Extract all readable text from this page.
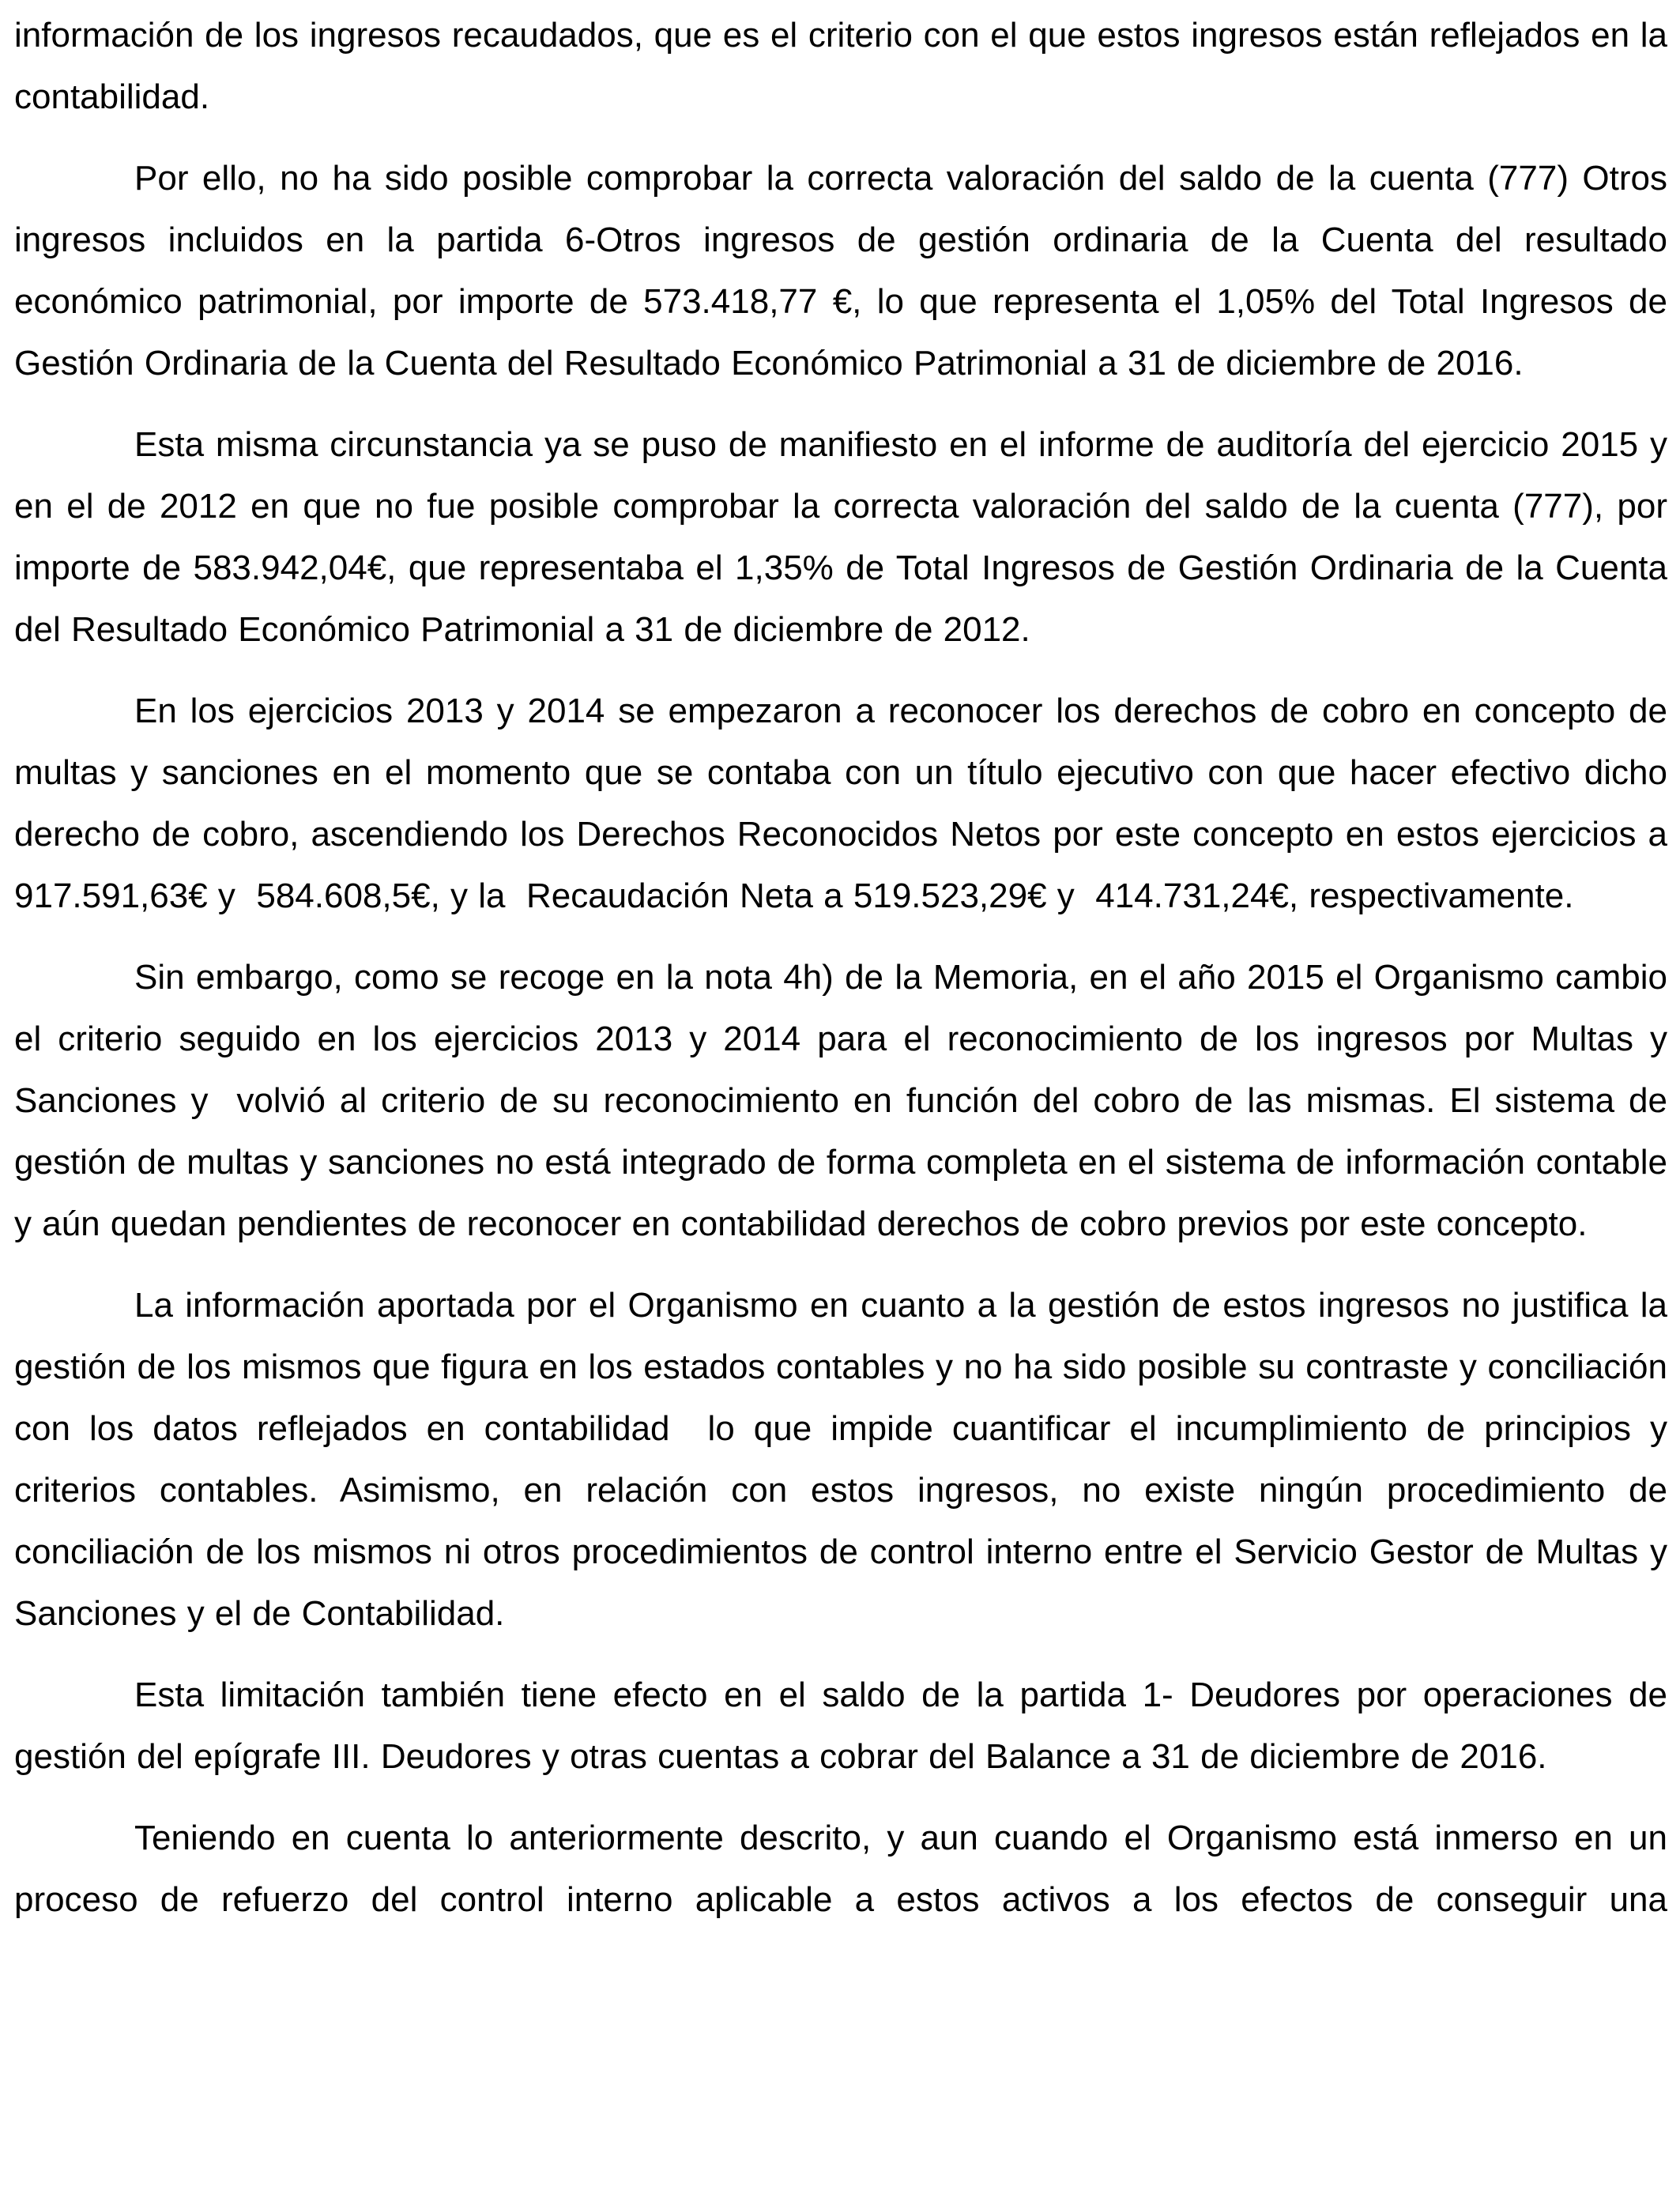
información de los ingresos recaudados, que es el criterio con el que estos ingresos están reflejados en la contabilidad.

Por ello, no ha sido posible comprobar la correcta valoración del saldo de la cuenta (777) Otros ingresos incluidos en la partida 6-Otros ingresos de gestión ordinaria de la Cuenta del resultado económico patrimonial, por importe de 573.418,77 €, lo que representa el 1,05% del Total Ingresos de Gestión Ordinaria de la Cuenta del Resultado Económico Patrimonial a 31 de diciembre de 2016.

Esta misma circunstancia ya se puso de manifiesto en el informe de auditoría del ejercicio 2015 y en el de 2012 en que no fue posible comprobar la correcta valoración del saldo de la cuenta (777), por importe de 583.942,04€, que representaba el 1,35% de Total Ingresos de Gestión Ordinaria de la Cuenta del Resultado Económico Patrimonial a 31 de diciembre de 2012.

En los ejercicios 2013 y 2014 se empezaron a reconocer los derechos de cobro en concepto de multas y sanciones en el momento que se contaba con un título ejecutivo con que hacer efectivo dicho derecho de cobro, ascendiendo los Derechos Reconocidos Netos por este concepto en estos ejercicios a 917.591,63€ y  584.608,5€, y la  Recaudación Neta a 519.523,29€ y  414.731,24€, respectivamente.

Sin embargo, como se recoge en la nota 4h) de la Memoria, en el año 2015 el Organismo cambio el criterio seguido en los ejercicios 2013 y 2014 para el reconocimiento de los ingresos por Multas y Sanciones y  volvió al criterio de su reconocimiento en función del cobro de las mismas. El sistema de gestión de multas y sanciones no está integrado de forma completa en el sistema de información contable y aún quedan pendientes de reconocer en contabilidad derechos de cobro previos por este concepto.

La información aportada por el Organismo en cuanto a la gestión de estos ingresos no justifica la gestión de los mismos que figura en los estados contables y no ha sido posible su contraste y conciliación con los datos reflejados en contabilidad  lo que impide cuantificar el incumplimiento de principios y criterios contables. Asimismo, en relación con estos ingresos, no existe ningún procedimiento de conciliación de los mismos ni otros procedimientos de control interno entre el Servicio Gestor de Multas y Sanciones y el de Contabilidad.

Esta limitación también tiene efecto en el saldo de la partida 1- Deudores por operaciones de gestión del epígrafe III. Deudores y otras cuentas a cobrar del Balance a 31 de diciembre de 2016.

Teniendo en cuenta lo anteriormente descrito, y aun cuando el Organismo está inmerso en un proceso de refuerzo del control interno aplicable a estos activos a los efectos de conseguir una
